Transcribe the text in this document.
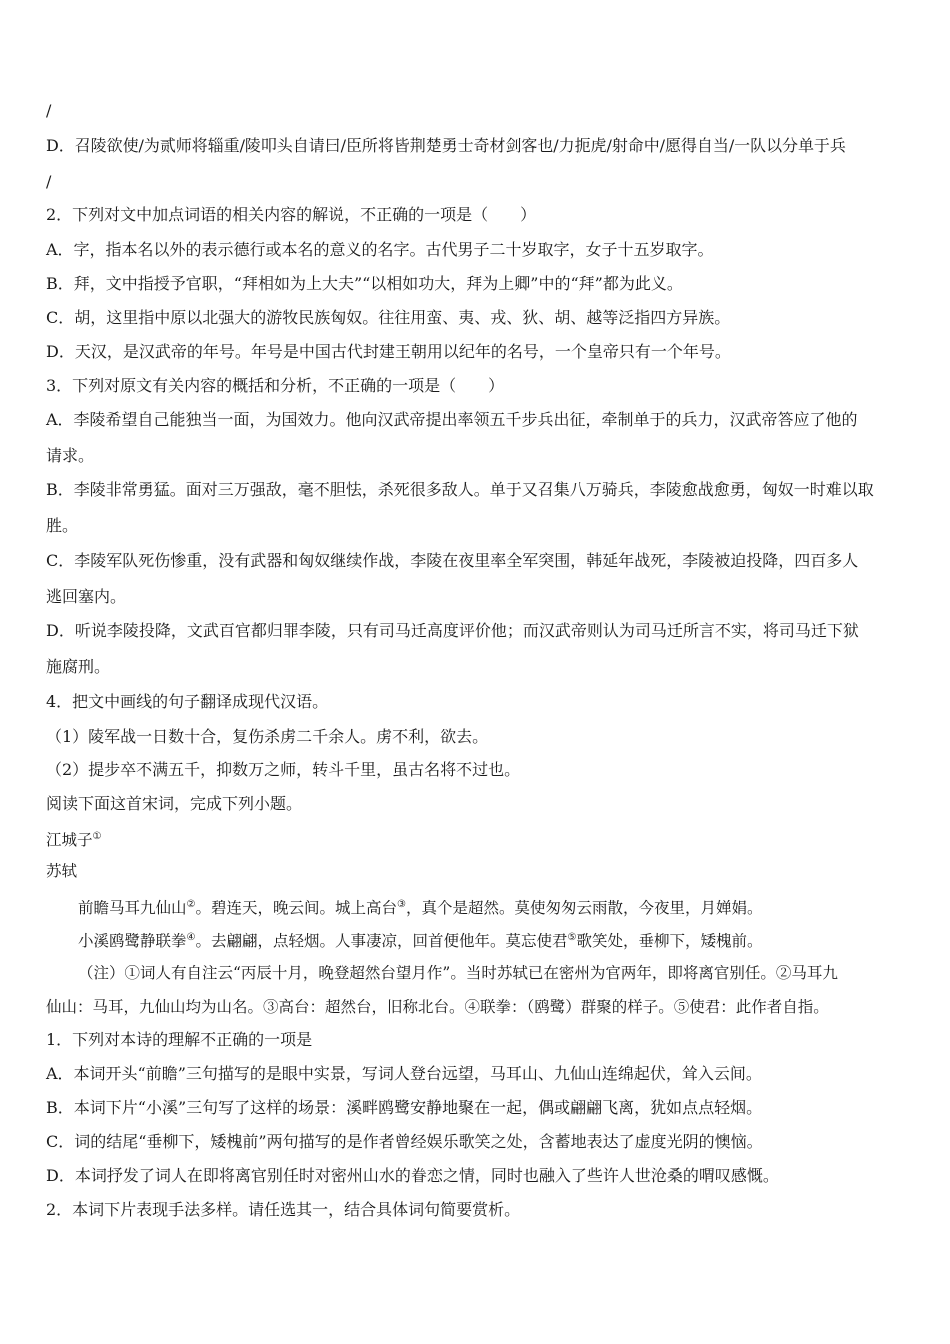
/
D．召陵欲使/为贰师将辎重/陵叩头自请曰/臣所将皆荆楚勇士奇材剑客也/力扼虎/射命中/愿得自当/一队以分单于兵
/
2．下列对文中加点词语的相关内容的解说，不正确的一项是（　　）
A．字，指本名以外的表示德行或本名的意义的名字。古代男子二十岁取字，女子十五岁取字。
B．拜，文中指授予官职，“拜相如为上大夫”“以相如功大，拜为上卿”中的“拜”都为此义。
C．胡，这里指中原以北强大的游牧民族匈奴。往往用蛮、夷、戎、狄、胡、越等泛指四方异族。
D．天汉，是汉武帝的年号。年号是中国古代封建王朝用以纪年的名号，一个皇帝只有一个年号。
3．下列对原文有关内容的概括和分析，不正确的一项是（　　）
A．李陵希望自己能独当一面，为国效力。他向汉武帝提出率领五千步兵出征，牵制单于的兵力，汉武帝答应了他的
请求。
B．李陵非常勇猛。面对三万强敌，毫不胆怯，杀死很多敌人。单于又召集八万骑兵，李陵愈战愈勇，匈奴一时难以取
胜。
C．李陵军队死伤惨重，没有武器和匈奴继续作战，李陵在夜里率全军突围，韩延年战死，李陵被迫投降，四百多人
逃回塞内。
D．听说李陵投降，文武百官都归罪李陵，只有司马迁高度评价他；而汉武帝则认为司马迁所言不实，将司马迁下狱
施腐刑。
4．把文中画线的句子翻译成现代汉语。
（1）陵军战一日数十合，复伤杀虏二千余人。虏不利，欲去。
（2）提步卒不满五千，抑数万之师，转斗千里，虽古名将不过也。
阅读下面这首宋词，完成下列小题。
江城子①
苏轼
前瞻马耳九仙山②。碧连天，晚云间。城上高台③，真个是超然。莫使匆匆云雨散，今夜里，月婵娟。
小溪鸥鹭静联拳④。去翩翩，点轻烟。人事凄凉，回首便他年。莫忘使君⑤歌笑处，垂柳下，矮槐前。
（注）①词人有自注云“丙辰十月，晚登超然台望月作”。当时苏轼已在密州为官两年，即将离官别任。②马耳九
仙山：马耳，九仙山均为山名。③高台：超然台，旧称北台。④联拳：（鸥鹭）群聚的样子。⑤使君：此作者自指。
1．下列对本诗的理解不正确的一项是
A．本词开头“前瞻”三句描写的是眼中实景，写词人登台远望，马耳山、九仙山连绵起伏，耸入云间。
B．本词下片“小溪”三句写了这样的场景：溪畔鸥鹭安静地聚在一起，偶或翩翩飞离，犹如点点轻烟。
C．词的结尾“垂柳下，矮槐前”两句描写的是作者曾经娱乐歌笑之处，含蓄地表达了虚度光阴的懊恼。
D．本词抒发了词人在即将离官别任时对密州山水的眷恋之情，同时也融入了些许人世沧桑的喟叹感慨。
2．本词下片表现手法多样。请任选其一，结合具体词句简要赏析。
